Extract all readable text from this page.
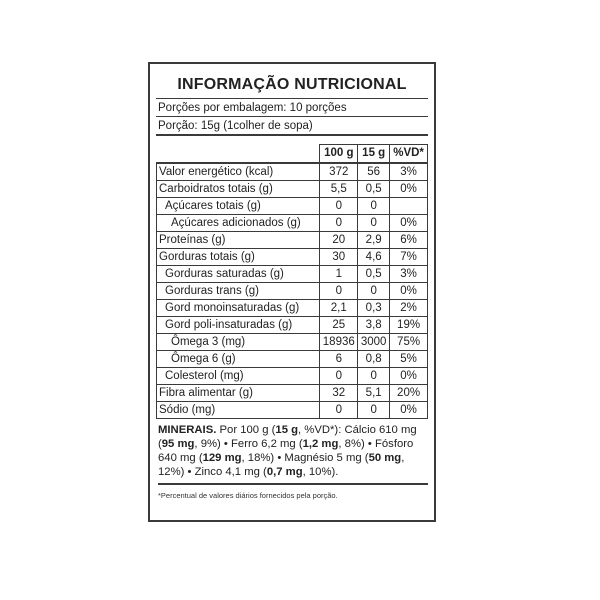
INFORMAÇÃO NUTRICIONAL
Porções por embalagem: 10 porções
Porção: 15g (1colher de sopa)
	100 g	15 g	%VD*
Valor energético (kcal)	372	56	3%
Carboidratos totais (g)	5,5	0,5	0%
Açúcares totais (g)	0	0	
Açúcares adicionados (g)	0	0	0%
Proteínas (g)	20	2,9	6%
Gorduras totais (g)	30	4,6	7%
Gorduras saturadas (g)	1	0,5	3%
Gorduras trans (g)	0	0	0%
Gord monoinsaturadas (g)	2,1	0,3	2%
Gord poli-insaturadas (g)	25	3,8	19%
Ômega 3 (mg)	18936	3000	75%
Ômega 6 (g)	6	0,8	5%
Colesterol (mg)	0	0	0%
Fibra alimentar (g)	32	5,1	20%
Sódio (mg)	0	0	0%
MINERAIS. Por 100 g (15 g, %VD*): Cálcio 610 mg (95 mg, 9%) • Ferro 6,2 mg (1,2 mg, 8%) • Fósforo 640 mg (129 mg, 18%) • Magnésio 5 mg (50 mg, 12%) • Zinco 4,1 mg (0,7 mg, 10%).
*Percentual de valores diários fornecidos pela porção.
